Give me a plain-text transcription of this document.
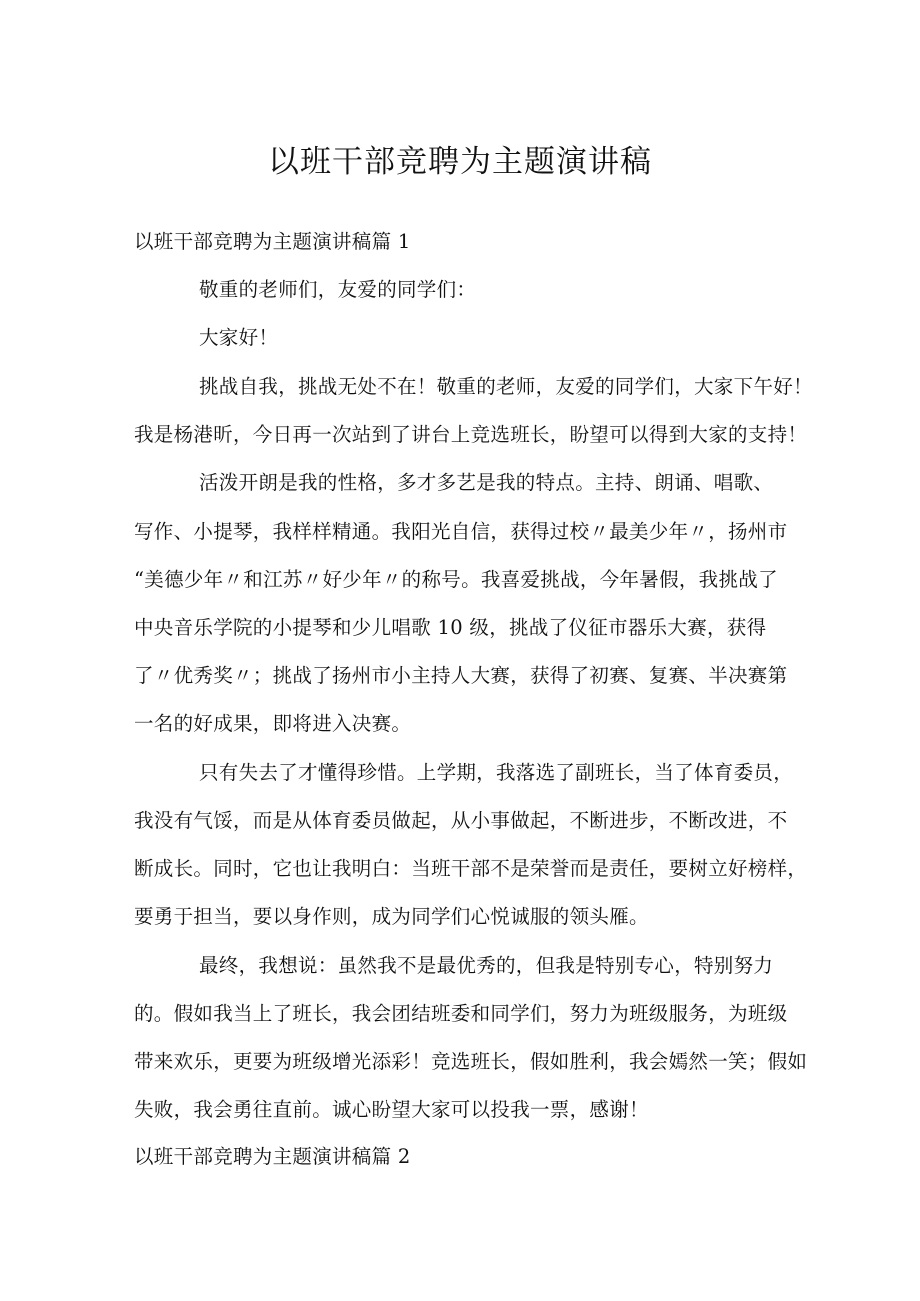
以班干部竞聘为主题演讲稿
以班干部竞聘为主题演讲稿篇 1
敬重的老师们，友爱的同学们：
大家好！
挑战自我，挑战无处不在！敬重的老师，友爱的同学们，大家下午好！
我是杨港昕，今日再一次站到了讲台上竞选班长，盼望可以得到大家的支持！
活泼开朗是我的性格，多才多艺是我的特点。主持、朗诵、唱歌、
写作、小提琴，我样样精通。我阳光自信，获得过校〃最美少年〃，扬州市
“美德少年〃和江苏〃好少年〃的称号。我喜爱挑战，今年暑假，我挑战了
中央音乐学院的小提琴和少儿唱歌 10 级，挑战了仪征市器乐大赛，获得
了〃优秀奖〃；挑战了扬州市小主持人大赛，获得了初赛、复赛、半决赛第
一名的好成果，即将进入决赛。
只有失去了才懂得珍惜。上学期，我落选了副班长，当了体育委员，
我没有气馁，而是从体育委员做起，从小事做起，不断进步，不断改进，不
断成长。同时，它也让我明白：当班干部不是荣誉而是责任，要树立好榜样，
要勇于担当，要以身作则，成为同学们心悦诚服的领头雁。
最终，我想说：虽然我不是最优秀的，但我是特别专心，特别努力
的。假如我当上了班长，我会团结班委和同学们，努力为班级服务，为班级
带来欢乐，更要为班级增光添彩！竞选班长，假如胜利，我会嫣然一笑；假如
失败，我会勇往直前。诚心盼望大家可以投我一票，感谢！
以班干部竞聘为主题演讲稿篇 2
